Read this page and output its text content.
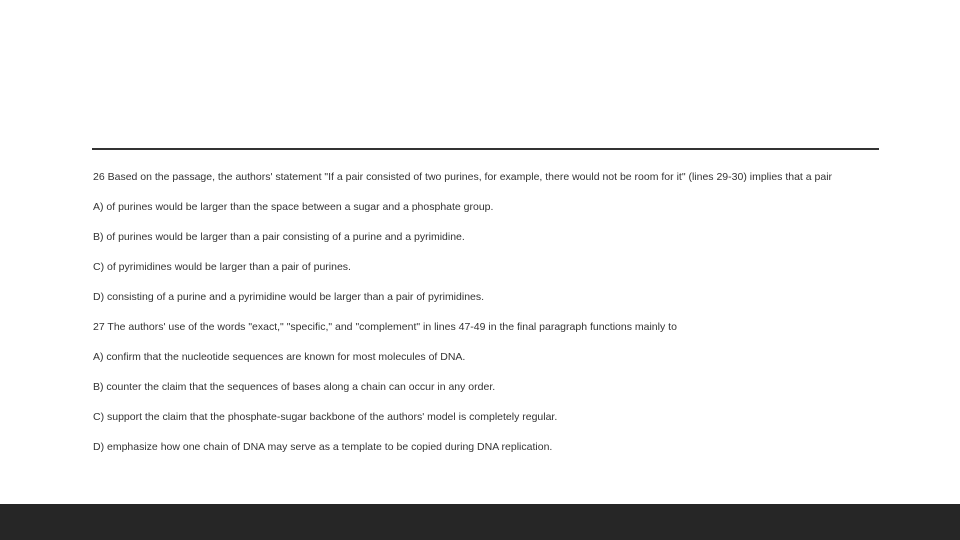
26 Based on the passage, the authors' statement "If a pair consisted of two purines, for example, there would not be room for it" (lines 29-30) implies that a pair
A) of purines would be larger than the space between a sugar and a phosphate group.
B) of purines would be larger than a pair consisting of a purine and a pyrimidine.
C) of pyrimidines would be larger than a pair of purines.
D) consisting of a purine and a pyrimidine would be larger than a pair of pyrimidines.
27 The authors' use of the words "exact," "specific," and "complement" in lines 47-49 in the final paragraph functions mainly to
A) confirm that the nucleotide sequences are known for most molecules of DNA.
B) counter the claim that the sequences of bases along a chain can occur in any order.
C) support the claim that the phosphate-sugar backbone of the authors' model is completely regular.
D) emphasize how one chain of DNA may serve as a template to be copied during DNA replication.
